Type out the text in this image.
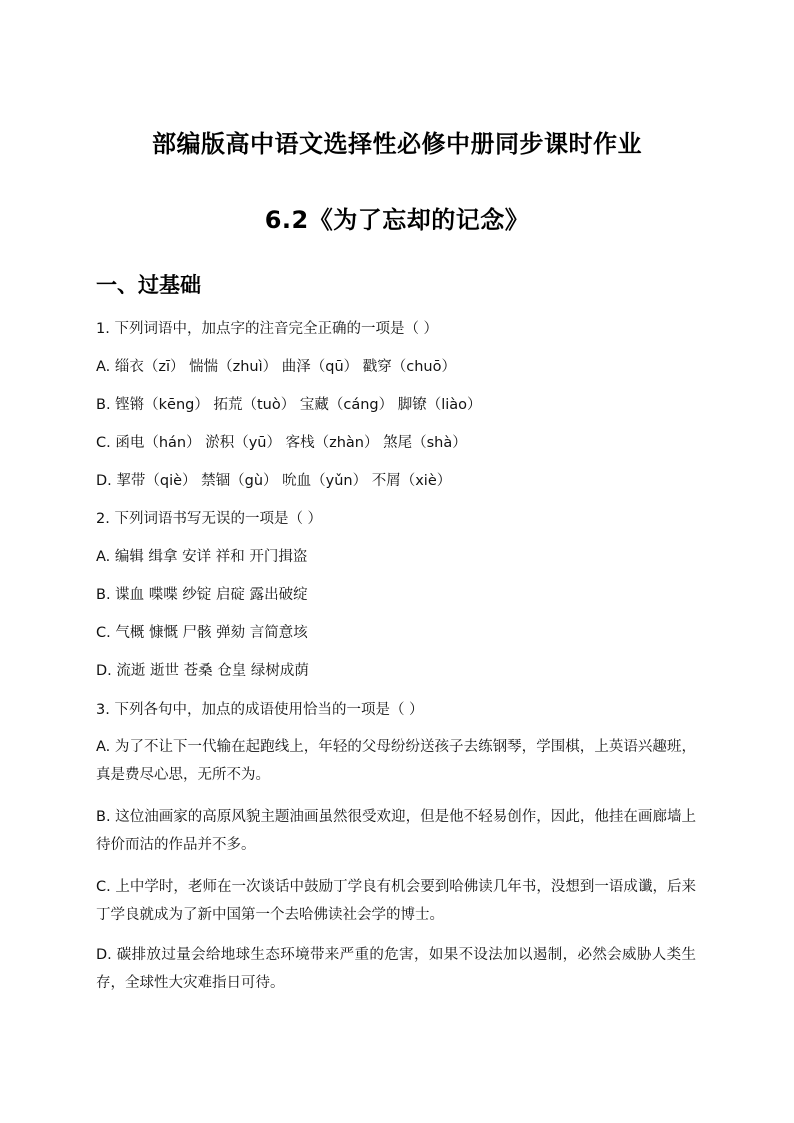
部编版高中语文选择性必修中册同步课时作业
6.2《为了忘却的记念》
一、过基础
1. 下列词语中，加点字的注音完全正确的一项是（ ）
A. 缁衣（zī） 惴惴（zhuì） 曲泽（qū） 戳穿（chuō）
B. 铿锵（kēng） 拓荒（tuò） 宝藏（cáng） 脚镣（liào）
C. 函电（hán） 淤积（yū） 客栈（zhàn） 煞尾（shà）
D. 挈带（qiè） 禁锢（gù） 吮血（yǔn） 不屑（xiè）
2. 下列词语书写无误的一项是（ ）
A. 编辑 缉拿 安详 祥和 开门揖盗
B. 谍血 喋喋 纱锭 启碇 露出破绽
C. 气概 慷慨 尸骸 弹劾 言简意垓
D. 流逝 逝世 苍桑 仓皇 绿树成荫
3. 下列各句中，加点的成语使用恰当的一项是（ ）
A. 为了不让下一代输在起跑线上，年轻的父母纷纷送孩子去练钢琴，学围棋，上英语兴趣班，真是费尽心思，无所不为。
B. 这位油画家的高原风貌主题油画虽然很受欢迎，但是他不轻易创作，因此，他挂在画廊墙上待价而沽的作品并不多。
C. 上中学时，老师在一次谈话中鼓励丁学良有机会要到哈佛读几年书，没想到一语成谶，后来丁学良就成为了新中国第一个去哈佛读社会学的博士。
D. 碳排放过量会给地球生态环境带来严重的危害，如果不设法加以遏制，必然会威胁人类生存，全球性大灾难指日可待。
